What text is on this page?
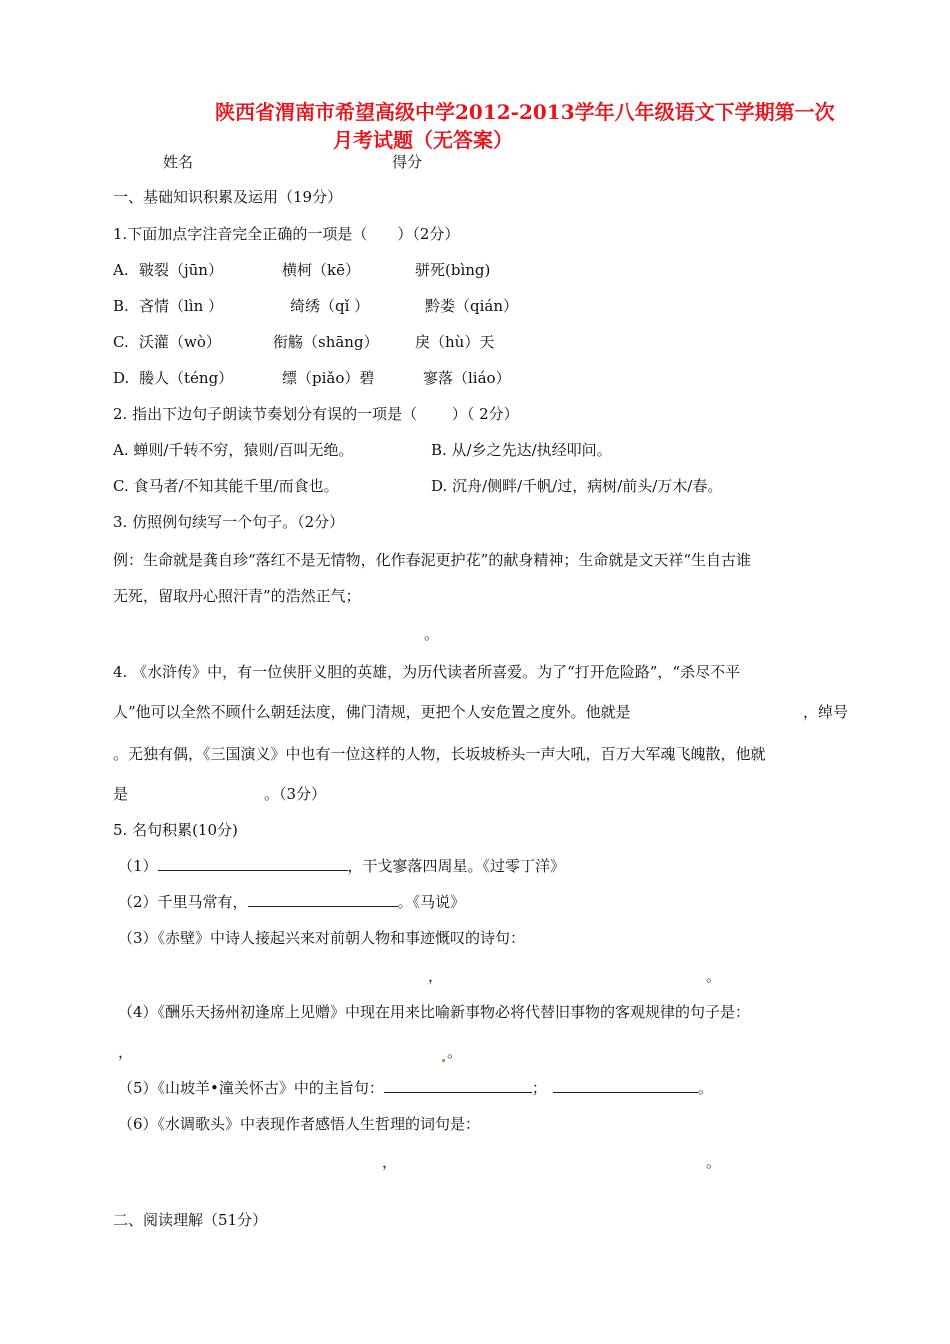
陕西省渭南市希望高级中学2012-2013学年八年级语文下学期第一次
月考试题（无答案）
姓名	得分
一、基础知识积累及运用（19分）
1.下面加点字注音完全正确的一项是（　　）（2分）
A. 皲裂（jūn）	横柯（kē）	骈死(bìng)
B. 吝情（lìn ）	绮绣（qǐ ）	黔娄（qián）
C. 沃灌（wò）	衔觞（shāng） 戾（hù）天
D. 媵人（téng）	缥（piǎo）碧	寥落（liáo）
2. 指出下边句子朗读节奏划分有误的一项是（　　 ）（ 2分）
A. 蝉则/千转不穷，猿则/百叫无绝。	B. 从/乡之先达/执经叩问。
C. 食马者/不知其能千里/而食也。	D. 沉舟/侧畔/千帆/过，病树/前头/万木/春。
3. 仿照例句续写一个句子。（2分）
例：生命就是龚自珍“落红不是无情物，化作春泥更护花”的献身精神；生命就是文天祥“生自古谁
无死，留取丹心照汗青”的浩然正气；
。
4. 《水浒传》中，有一位侠肝义胆的英雄，为历代读者所喜爱。为了“打开危险路”，“杀尽不平
人”他可以全然不顾什么朝廷法度，佛门清规，更把个人安危置之度外。他就是	，绰号
。无独有偶，《三国演义》中也有一位这样的人物，长坂坡桥头一声大吼，百万大军魂飞魄散，他就
是	。（3分）
5. 名句积累(10分)
（1）	，干戈寥落四周星。《过零丁洋》
（2）千里马常有，	。《马说》
（3）《赤壁》中诗人接起兴来对前朝人物和事迹慨叹的诗句：
，	。
（4）《酬乐天扬州初逢席上见赠》中现在用来比喻新事物必将代替旧事物的客观规律的句子是：
，	。
（5）《山坡羊•潼关怀古》中的主旨句：	；	。
（6）《水调歌头》中表现作者感悟人生哲理的词句是：
，	。
二、阅读理解（51分）
